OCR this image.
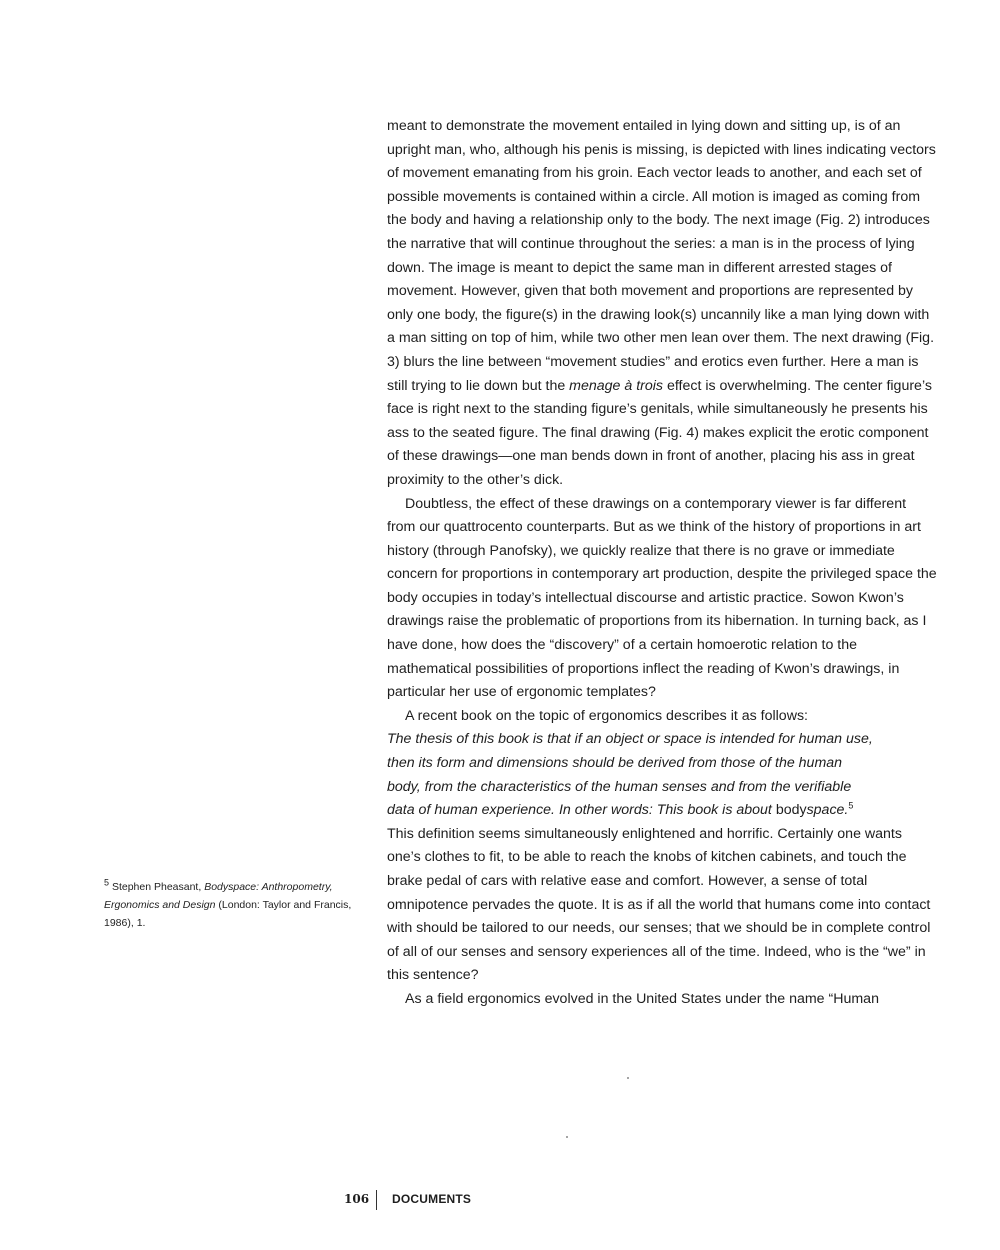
meant to demonstrate the movement entailed in lying down and sitting up, is of an upright man, who, although his penis is missing, is depicted with lines indicating vectors of movement emanating from his groin. Each vector leads to another, and each set of possible movements is contained within a circle. All motion is imaged as coming from the body and having a relationship only to the body. The next image (Fig. 2) introduces the narrative that will continue throughout the series: a man is in the process of lying down. The image is meant to depict the same man in different arrested stages of movement. However, given that both movement and proportions are represented by only one body, the figure(s) in the drawing look(s) uncannily like a man lying down with a man sitting on top of him, while two other men lean over them. The next drawing (Fig. 3) blurs the line between “movement studies” and erotics even further. Here a man is still trying to lie down but the menage à trois effect is overwhelming. The center figure’s face is right next to the standing figure’s genitals, while simultaneously he presents his ass to the seated figure. The final drawing (Fig. 4) makes explicit the erotic component of these drawings—one man bends down in front of another, placing his ass in great proximity to the other’s dick.

Doubtless, the effect of these drawings on a contemporary viewer is far different from our quattrocento counterparts. But as we think of the history of proportions in art history (through Panofsky), we quickly realize that there is no grave or immediate concern for proportions in contemporary art production, despite the privileged space the body occupies in today’s intellectual discourse and artistic practice. Sowon Kwon’s drawings raise the problematic of proportions from its hibernation. In turning back, as I have done, how does the “discovery” of a certain homoerotic relation to the mathematical possibilities of proportions inflect the reading of Kwon’s drawings, in particular her use of ergonomic templates?

A recent book on the topic of ergonomics describes it as follows:

The thesis of this book is that if an object or space is intended for human use, then its form and dimensions should be derived from those of the human body, from the characteristics of the human senses and from the verifiable data of human experience. In other words: This book is about bodyspace.$^5$

This definition seems simultaneously enlightened and horrific. Certainly one wants one’s clothes to fit, to be able to reach the knobs of kitchen cabinets, and touch the brake pedal of cars with relative ease and comfort. However, a sense of total omnipotence pervades the quote. It is as if all the world that humans come into contact with should be tailored to our needs, our senses; that we should be in complete control of all of our senses and sensory experiences all of the time. Indeed, who is the “we” in this sentence?

As a field ergonomics evolved in the United States under the name “Human

$^5$ Stephen Pheasant, Bodyspace: Anthropometry, Ergonomics and Design (London: Taylor and Francis, 1986), 1.
106 DOCUMENTS
